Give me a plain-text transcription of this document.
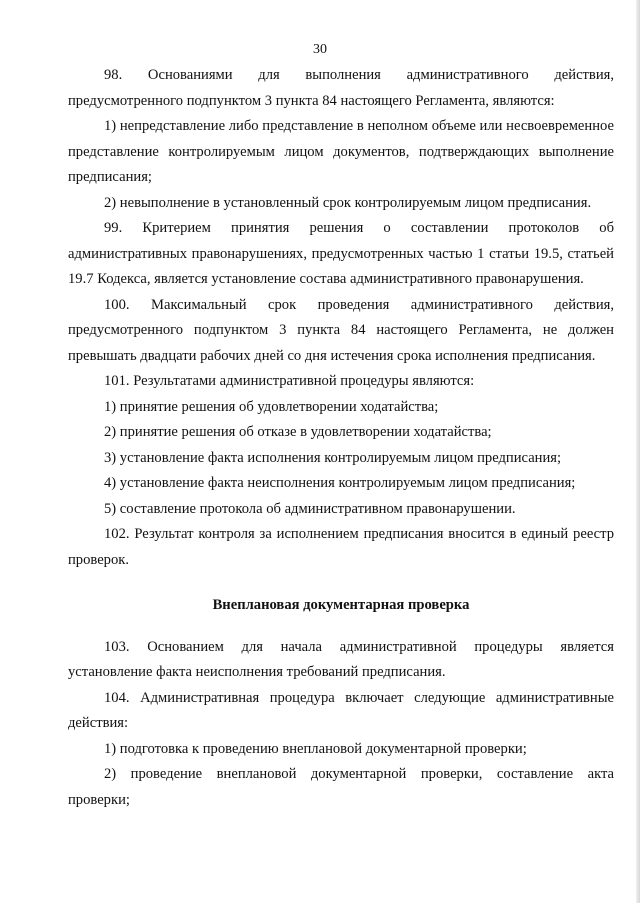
30

98. Основаниями для выполнения административного действия, предусмотренного подпунктом 3 пункта 84 настоящего Регламента, являются:

1) непредставление либо представление в неполном объеме или несвоевременное представление контролируемым лицом документов, подтверждающих выполнение предписания;

2) невыполнение в установленный срок контролируемым лицом предписания.

99. Критерием принятия решения о составлении протоколов об административных правонарушениях, предусмотренных частью 1 статьи 19.5, статьей 19.7 Кодекса, является установление состава административного правонарушения.

100. Максимальный срок проведения административного действия, предусмотренного подпунктом 3 пункта 84 настоящего Регламента, не должен превышать двадцати рабочих дней со дня истечения срока исполнения предписания.

101. Результатами административной процедуры являются:

1) принятие решения об удовлетворении ходатайства;

2) принятие решения об отказе в удовлетворении ходатайства;

3) установление факта исполнения контролируемым лицом предписания;

4) установление факта неисполнения контролируемым лицом предписания;

5) составление протокола об административном правонарушении.

102. Результат контроля за исполнением предписания вносится в единый реестр проверок.

Внеплановая документарная проверка

103. Основанием для начала административной процедуры является установление факта неисполнения требований предписания.

104. Административная процедура включает следующие административные действия:

1) подготовка к проведению внеплановой документарной проверки;

2) проведение внеплановой документарной проверки, составление акта проверки;
